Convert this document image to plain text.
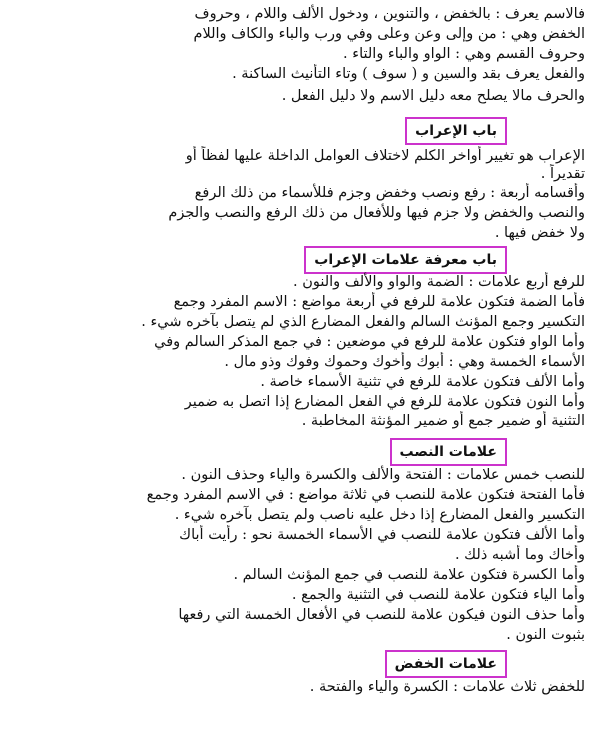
فالاسم يعرف : بالخفض ، والتنوين ، ودخول الألف واللام ، وحروف
الخفض وهي : من وإلى وعن وعلى وفي ورب والباء والكاف واللام
وحروف القسم وهي : الواو والباء والتاء .
والفعل يعرف بقد والسين و ( سوف ) وتاء التأنيث الساكنة .
والحرف مالا يصلح معه دليل الاسم ولا دليل الفعل .
باب الإعراب
الإعراب هو تغيير أواخر الكلم لاختلاف العوامل الداخلة عليها لفظاً أو
تقديراً .
وأقسامه أربعة : رفع ونصب وخفض وجزم فللأسماء من ذلك الرفع
والنصب والخفض ولا جزم فيها وللأفعال من ذلك الرفع والنصب والجزم
ولا خفض فيها .
باب معرفة علامات الإعراب
للرفع أربع علامات : الضمة والواو والألف والنون .
فأما الضمة فتكون علامة للرفع في أربعة مواضع : الاسم المفرد وجمع
التكسير وجمع المؤنث السالم والفعل المضارع الذي لم يتصل بآخره شيء .
وأما الواو فتكون علامة للرفع في موضعين : في جمع المذكر السالم وفي
الأسماء الخمسة وهي : أبوك وأخوك وحموك وفوك وذو مال .
وأما الألف فتكون علامة للرفع في تثنية الأسماء خاصة .
وأما النون فتكون علامة للرفع في الفعل المضارع إذا اتصل به ضمير
التثنية أو ضمير جمع أو ضمير المؤنثة المخاطبة .
علامات النصب
للنصب خمس علامات : الفتحة والألف والكسرة والياء وحذف النون .
فأما الفتحة فتكون علامة للنصب في ثلاثة مواضع : في الاسم المفرد وجمع
التكسير والفعل المضارع إذا دخل عليه ناصب ولم يتصل بآخره شيء .
وأما الألف فتكون علامة للنصب في الأسماء الخمسة نحو : رأيت أباك
وأخاك وما أشبه ذلك .
وأما الكسرة فتكون علامة للنصب في جمع المؤنث السالم .
وأما الياء فتكون علامة للنصب في التثنية والجمع .
وأما حذف النون فيكون علامة للنصب في الأفعال الخمسة التي رفعها
بثبوت النون .
علامات الخفض
للخفض ثلاث علامات : الكسرة والياء والفتحة .
